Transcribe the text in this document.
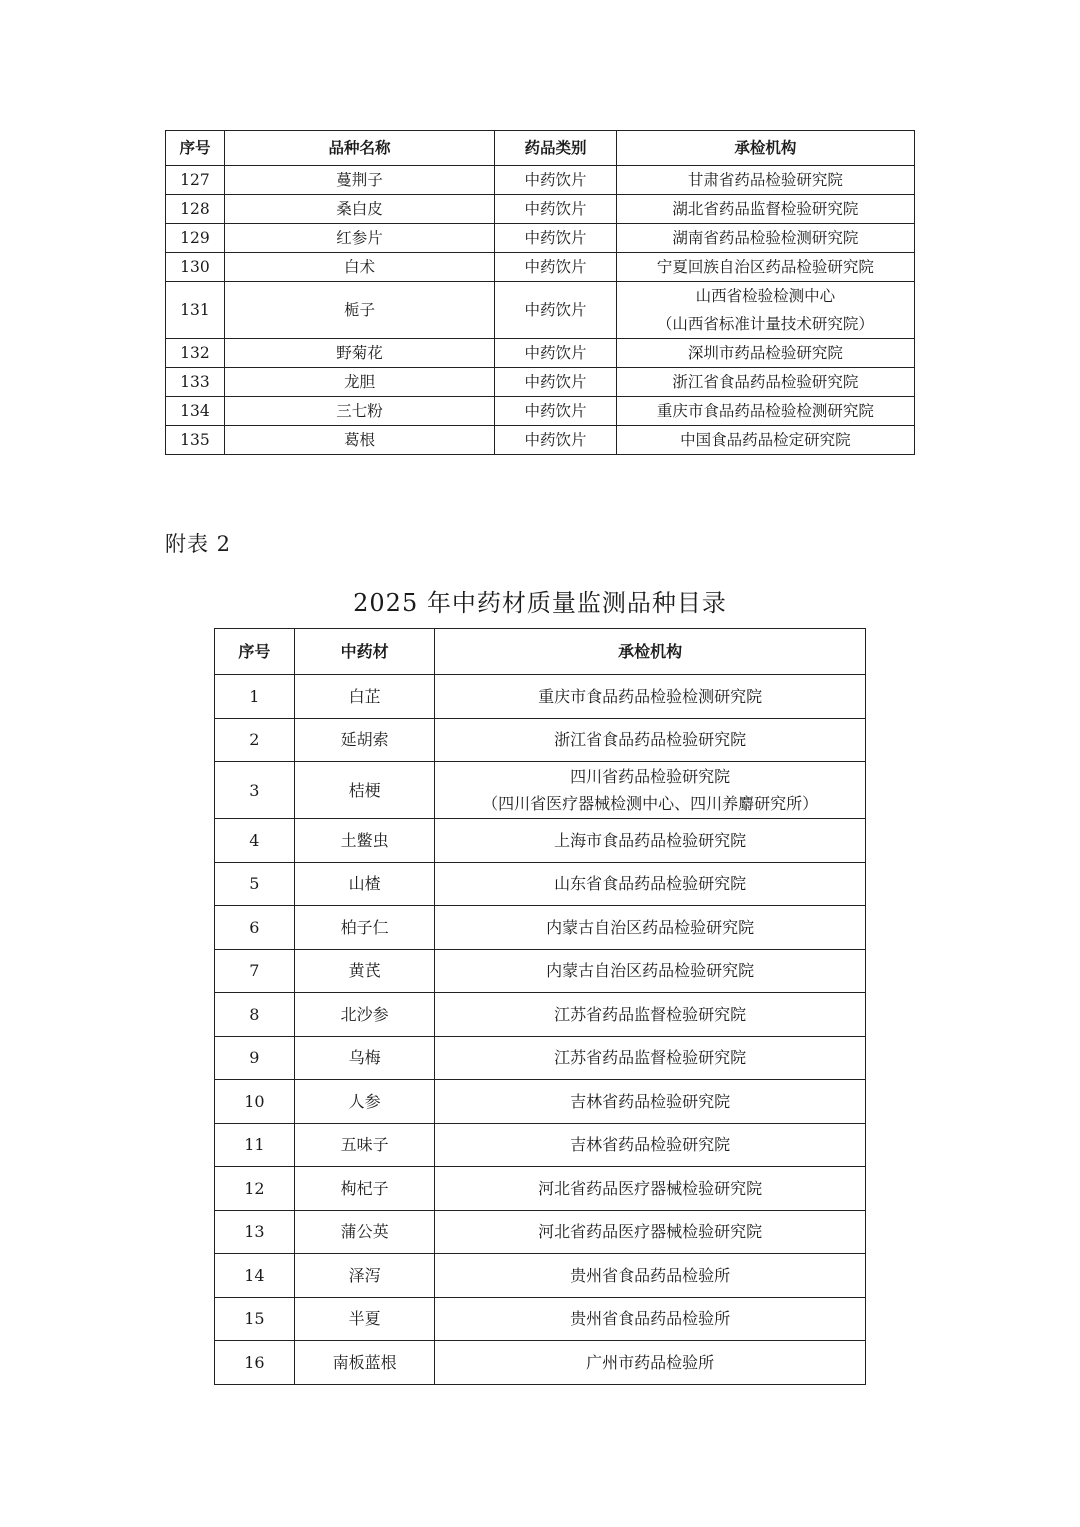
序号	品种名称	药品类别	承检机构
127	蔓荆子	中药饮片	甘肃省药品检验研究院

128	桑白皮	中药饮片	湖北省药品监督检验研究院

129	红参片	中药饮片	湖南省药品检验检测研究院

130	白术	中药饮片	宁夏回族自治区药品检验研究院

131	栀子	中药饮片	山西省检验检测中心
（山西省标准计量技术研究院）

132	野菊花	中药饮片	深圳市药品检验研究院

133	龙胆	中药饮片	浙江省食品药品检验研究院

134	三七粉	中药饮片	重庆市食品药品检验检测研究院

135	葛根	中药饮片	中国食品药品检定研究院
附表 2
2025 年中药材质量监测品种目录
序号	中药材	承检机构
1	白芷	重庆市食品药品检验检测研究院

2	延胡索	浙江省食品药品检验研究院

3	桔梗	四川省药品检验研究院
（四川省医疗器械检测中心、四川养麝研究所）

4	土鳖虫	上海市食品药品检验研究院

5	山楂	山东省食品药品检验研究院

6	柏子仁	内蒙古自治区药品检验研究院

7	黄芪	内蒙古自治区药品检验研究院

8	北沙参	江苏省药品监督检验研究院

9	乌梅	江苏省药品监督检验研究院

10	人参	吉林省药品检验研究院

11	五味子	吉林省药品检验研究院

12	枸杞子	河北省药品医疗器械检验研究院

13	蒲公英	河北省药品医疗器械检验研究院

14	泽泻	贵州省食品药品检验所

15	半夏	贵州省食品药品检验所

16	南板蓝根	广州市药品检验所
